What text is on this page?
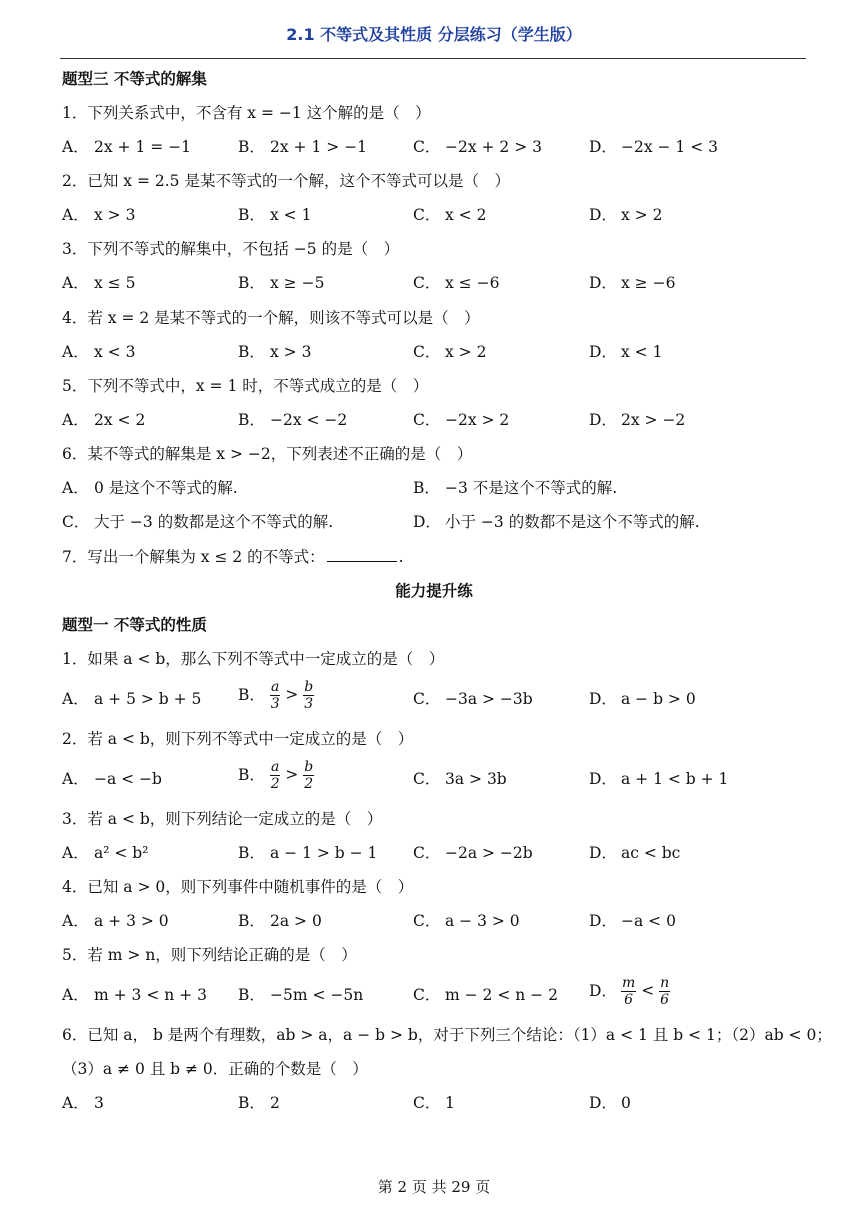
2.1 不等式及其性质 分层练习（学生版）
题型三 不等式的解集
1．下列关系式中，不含有 x = −1 这个解的是（　）
A． 2x + 1 = −1	B． 2x + 1 > −1	C． −2x + 2 > 3	D． −2x − 1 < 3
2．已知 x = 2.5 是某不等式的一个解，这个不等式可以是（　）
A． x > 3	B． x < 1	C． x < 2	D． x > 2
3．下列不等式的解集中，不包括 −5 的是（　）
A． x ≤ 5	B． x ≥ −5	C． x ≤ −6	D． x ≥ −6
4．若 x = 2 是某不等式的一个解，则该不等式可以是（　）
A． x < 3	B． x > 3	C． x > 2	D． x < 1
5．下列不等式中，x = 1 时，不等式成立的是（　）
A． 2x < 2	B． −2x < −2	C． −2x > 2	D． 2x > −2
6．某不等式的解集是 x > −2，下列表述不正确的是（　）
A． 0 是这个不等式的解.	B． −3 不是这个不等式的解.
C． 大于 −3 的数都是这个不等式的解.	D． 小于 −3 的数都不是这个不等式的解.
7．写出一个解集为 x ≤ 2 的不等式：	.
能力提升练
题型一 不等式的性质
1．如果 a < b，那么下列不等式中一定成立的是（　）
A． a + 5 > b + 5 B． $\frac{a}{3} > \frac{b}{3}$	C． −3a > −3b	D． a − b > 0
2．若 a < b，则下列不等式中一定成立的是（　）
A． −a < −b	B． $\frac{a}{2} > \frac{b}{2}$	C． 3a > 3b	D． a + 1 < b + 1
3．若 a < b，则下列结论一定成立的是（　）
A． a² < b²	B． a − 1 > b − 1 C． −2a > −2b	D． ac < bc
4．已知 a > 0，则下列事件中随机事件的是（　）
A． a + 3 > 0	B． 2a > 0	C． a − 3 > 0	D． −a < 0
5．若 m > n，则下列结论正确的是（　）
A． m + 3 < n + 3 B． −5m < −5n	C． m − 2 < n − 2 D． $\frac{m}{6} < \frac{n}{6}$
6．已知 a， b 是两个有理数，ab > a，a − b > b，对于下列三个结论：（1）a < 1 且 b < 1；（2）ab < 0；
（3）a ≠ 0 且 b ≠ 0．正确的个数是（　）
A． 3	B． 2	C． 1	D． 0
第 2 页 共 29 页
